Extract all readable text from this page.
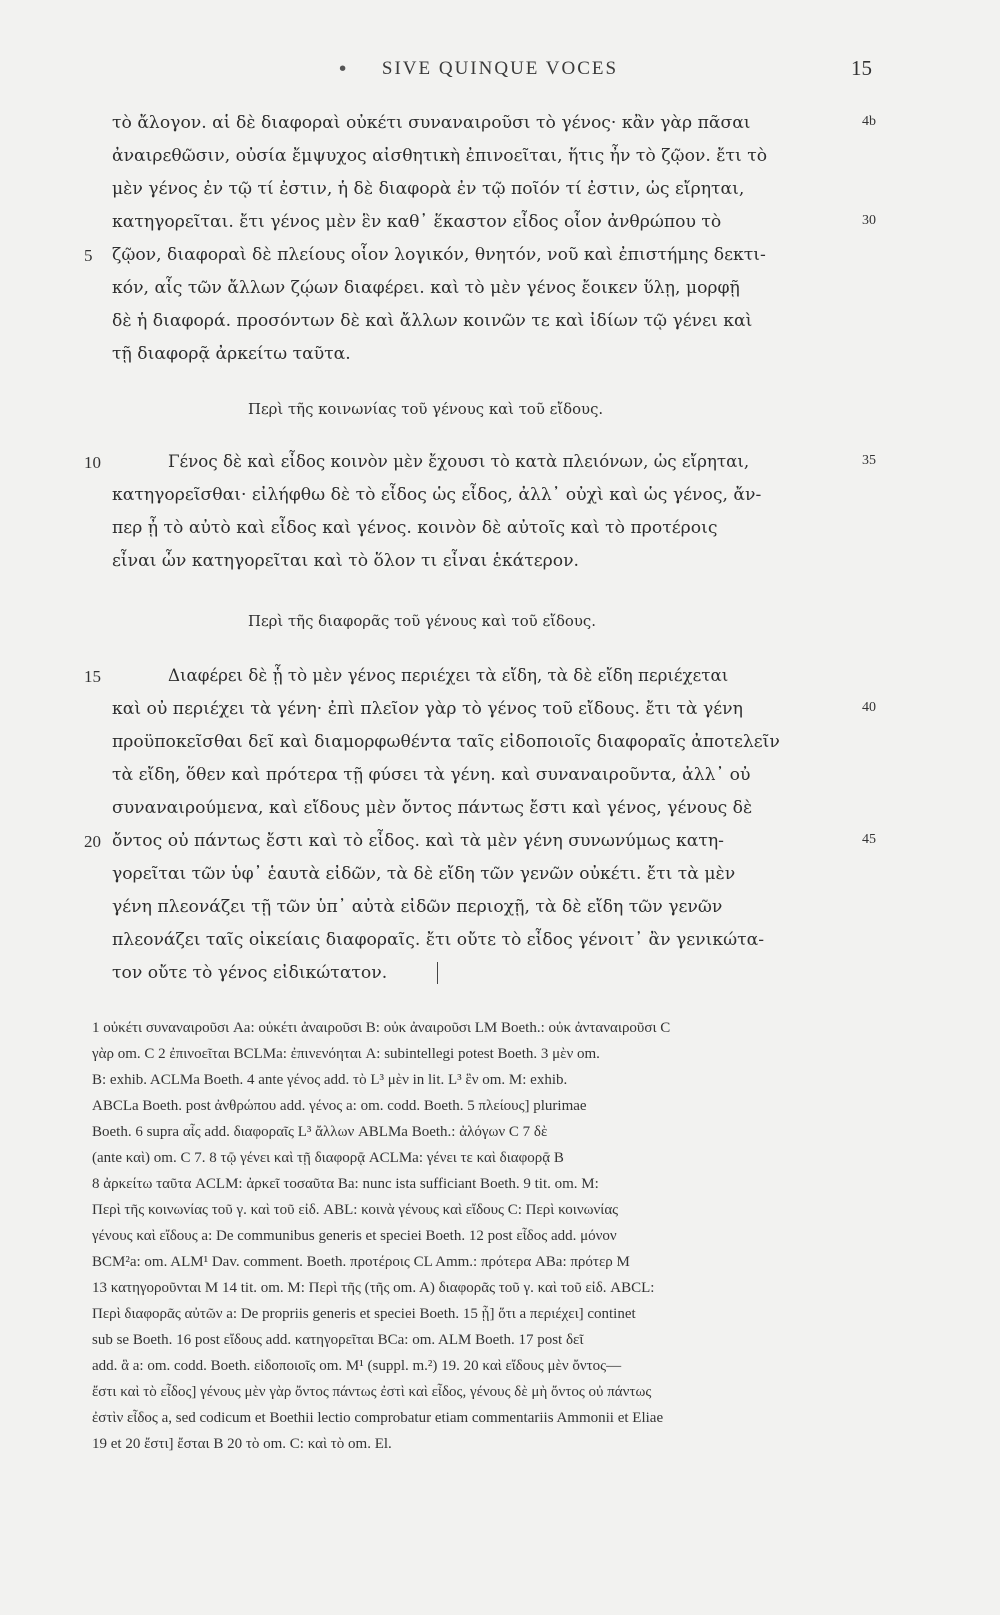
•	SIVE QUINQUE VOCES	15
τὸ ἄλογον. αἱ δὲ διαφοραὶ οὐκέτι συναναιροῦσι τὸ γένος· κἂν γὰρ πᾶσαι
ἀναιρεθῶσιν, οὐσία ἔμψυχος αἰσθητικὴ ἐπινοεῖται, ἥτις ἦν τὸ ζῷον. ἔτι τὸ
μὲν γένος ἐν τῷ τί ἐστιν, ἡ δὲ διαφορὰ ἐν τῷ ποῖόν τί ἐστιν, ὡς εἴρηται,
κατηγορεῖται. ἔτι γένος μὲν ἓν καθ᾽ ἕκαστον εἶδος οἷον ἀνθρώπου τὸ
ζῷον, διαφοραὶ δὲ πλείους οἷον λογικόν, θνητόν, νοῦ καὶ ἐπιστήμης δεκτι-
κόν, αἷς τῶν ἄλλων ζῴων διαφέρει. καὶ τὸ μὲν γένος ἔοικεν ὕλῃ, μορφῇ
δὲ ἡ διαφορά. προσόντων δὲ καὶ ἄλλων κοινῶν τε καὶ ἰδίων τῷ γένει καὶ
τῇ διαφορᾷ ἀρκείτω ταῦτα.
Περὶ τῆς κοινωνίας τοῦ γένους καὶ τοῦ εἴδους.
Γένος δὲ καὶ εἶδος κοινὸν μὲν ἔχουσι τὸ κατὰ πλειόνων, ὡς εἴρηται,
κατηγορεῖσθαι· εἰλήφθω δὲ τὸ εἶδος ὡς εἶδος, ἀλλ᾽ οὐχὶ καὶ ὡς γένος, ἄν-
περ ᾖ τὸ αὐτὸ καὶ εἶδος καὶ γένος. κοινὸν δὲ αὐτοῖς καὶ τὸ προτέροις
εἶναι ὧν κατηγορεῖται καὶ τὸ ὅλον τι εἶναι ἑκάτερον.
Περὶ τῆς διαφορᾶς τοῦ γένους καὶ τοῦ εἴδους.
Διαφέρει δὲ ᾗ τὸ μὲν γένος περιέχει τὰ εἴδη, τὰ δὲ εἴδη περιέχεται
καὶ οὐ περιέχει τὰ γένη· ἐπὶ πλεῖον γὰρ τὸ γένος τοῦ εἴδους. ἔτι τὰ γένη
προϋποκεῖσθαι δεῖ καὶ διαμορφωθέντα ταῖς εἰδοποιοῖς διαφοραῖς ἀποτελεῖν
τὰ εἴδη, ὅθεν καὶ πρότερα τῇ φύσει τὰ γένη. καὶ συναναιροῦντα, ἀλλ᾽ οὐ
συναναιρούμενα, καὶ εἴδους μὲν ὄντος πάντως ἔστι καὶ γένος, γένους δὲ
ὄντος οὐ πάντως ἔστι καὶ τὸ εἶδος. καὶ τὰ μὲν γένη συνωνύμως κατη-
γορεῖται τῶν ὑφ᾽ ἑαυτὰ εἰδῶν, τὰ δὲ εἴδη τῶν γενῶν οὐκέτι. ἔτι τὰ μὲν
γένη πλεονάζει τῇ τῶν ὑπ᾽ αὐτὰ εἰδῶν περιοχῇ, τὰ δὲ εἴδη τῶν γενῶν
πλεονάζει ταῖς οἰκείαις διαφοραῖς. ἔτι οὔτε τὸ εἶδος γένοιτ᾽ ἂν γενικώτα-
τον οὔτε τὸ γένος εἰδικώτατον.
5
10
15
20
4b
30
35
40
45
1 οὐκέτι συναναιροῦσι Aa: οὐκέτι ἀναιροῦσι B: οὐκ ἀναιροῦσι LM Boeth.: οὐκ ἀνταναιροῦσι C
γὰρ om. C 2 ἐπινοεῖται BCLMa: ἐπινενόηται A: subintellegi potest Boeth. 3 μὲν om.
B: exhib. ACLMa Boeth. 4 ante γένος add. τὸ L³ μὲν in lit. L³ ἓν om. M: exhib.
ABCLa Boeth. post ἀνθρώπου add. γένος a: om. codd. Boeth. 5 πλείους] plurimae
Boeth. 6 supra αἷς add. διαφοραῖς L³ ἄλλων ABLMa Boeth.: ἀλόγων C 7 δὲ
(ante καὶ) om. C 7. 8 τῷ γένει καὶ τῇ διαφορᾷ ACLMa: γένει τε καὶ διαφορᾷ B
8 ἀρκείτω ταῦτα ACLM: ἀρκεῖ τοσαῦτα Ba: nunc ista sufficiant Boeth. 9 tit. om. M:
Περὶ τῆς κοινωνίας τοῦ γ. καὶ τοῦ εἰδ. ABL: κοινὰ γένους καὶ εἴδους C: Περὶ κοινωνίας
γένους καὶ εἴδους a: De communibus generis et speciei Boeth. 12 post εἶδος add. μόνον
BCM²a: om. ALM¹ Dav. comment. Boeth. προτέροις CL Amm.: πρότερα ABa: πρότερ M
13 κατηγοροῦνται M 14 tit. om. M: Περὶ τῆς (τῆς om. A) διαφορᾶς τοῦ γ. καὶ τοῦ εἰδ. ABCL:
Περὶ διαφορᾶς αὐτῶν a: De propriis generis et speciei Boeth. 15 ᾗ] ὅτι a περιέχει] continet
sub se Boeth. 16 post εἴδους add. κατηγορεῖται BCa: om. ALM Boeth. 17 post δεῖ
add. ἃ a: om. codd. Boeth. εἰδοποιοῖς om. M¹ (suppl. m.²) 19. 20 καὶ εἴδους μὲν ὄντος—
ἔστι καὶ τὸ εἶδος] γένους μὲν γὰρ ὄντος πάντως ἐστὶ καὶ εἶδος, γένους δὲ μὴ ὄντος οὐ πάντως
ἐστὶν εἶδος a, sed codicum et Boethii lectio comprobatur etiam commentariis Ammonii et Eliae
19 et 20 ἔστι] ἔσται B 20 τὸ om. C: καὶ τὸ om. El.
